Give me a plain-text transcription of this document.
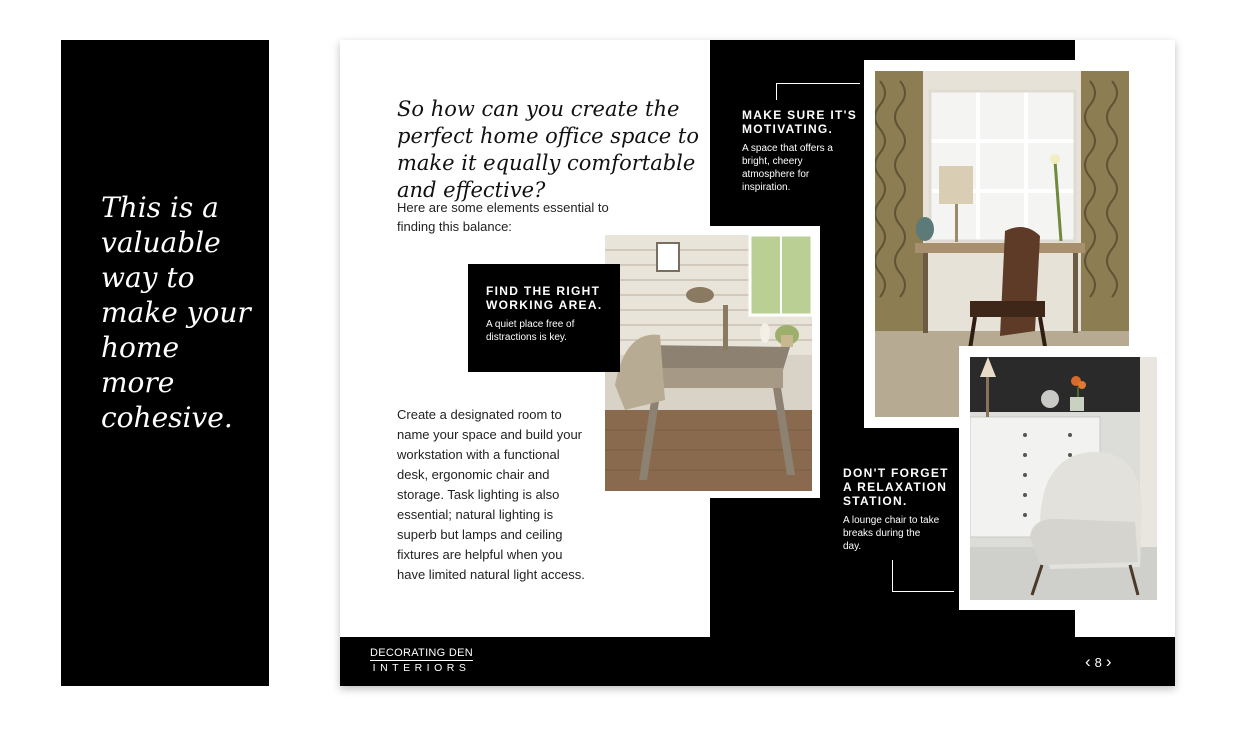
This is a valuable way to make your home more cohesive.
So how can you create the perfect home office space to make it equally comfortable and effective?
Here are some elements essential to finding this balance:
Create a designated room to name your space and build your workstation with a functional desk, ergonomic chair and storage. Task lighting is also essential; natural lighting is superb but lamps and ceiling fixtures are helpful when you have limited natural light access.
FIND THE RIGHT WORKING AREA.
A quiet place free of distractions is key.
MAKE SURE IT'S MOTIVATING.
A space that offers a bright, cheery atmosphere for inspiration.
DON'T FORGET A RELAXATION STATION.
A lounge chair to take breaks during the day.
DECORATING DEN
INTERIORS	‹ 8 ›
